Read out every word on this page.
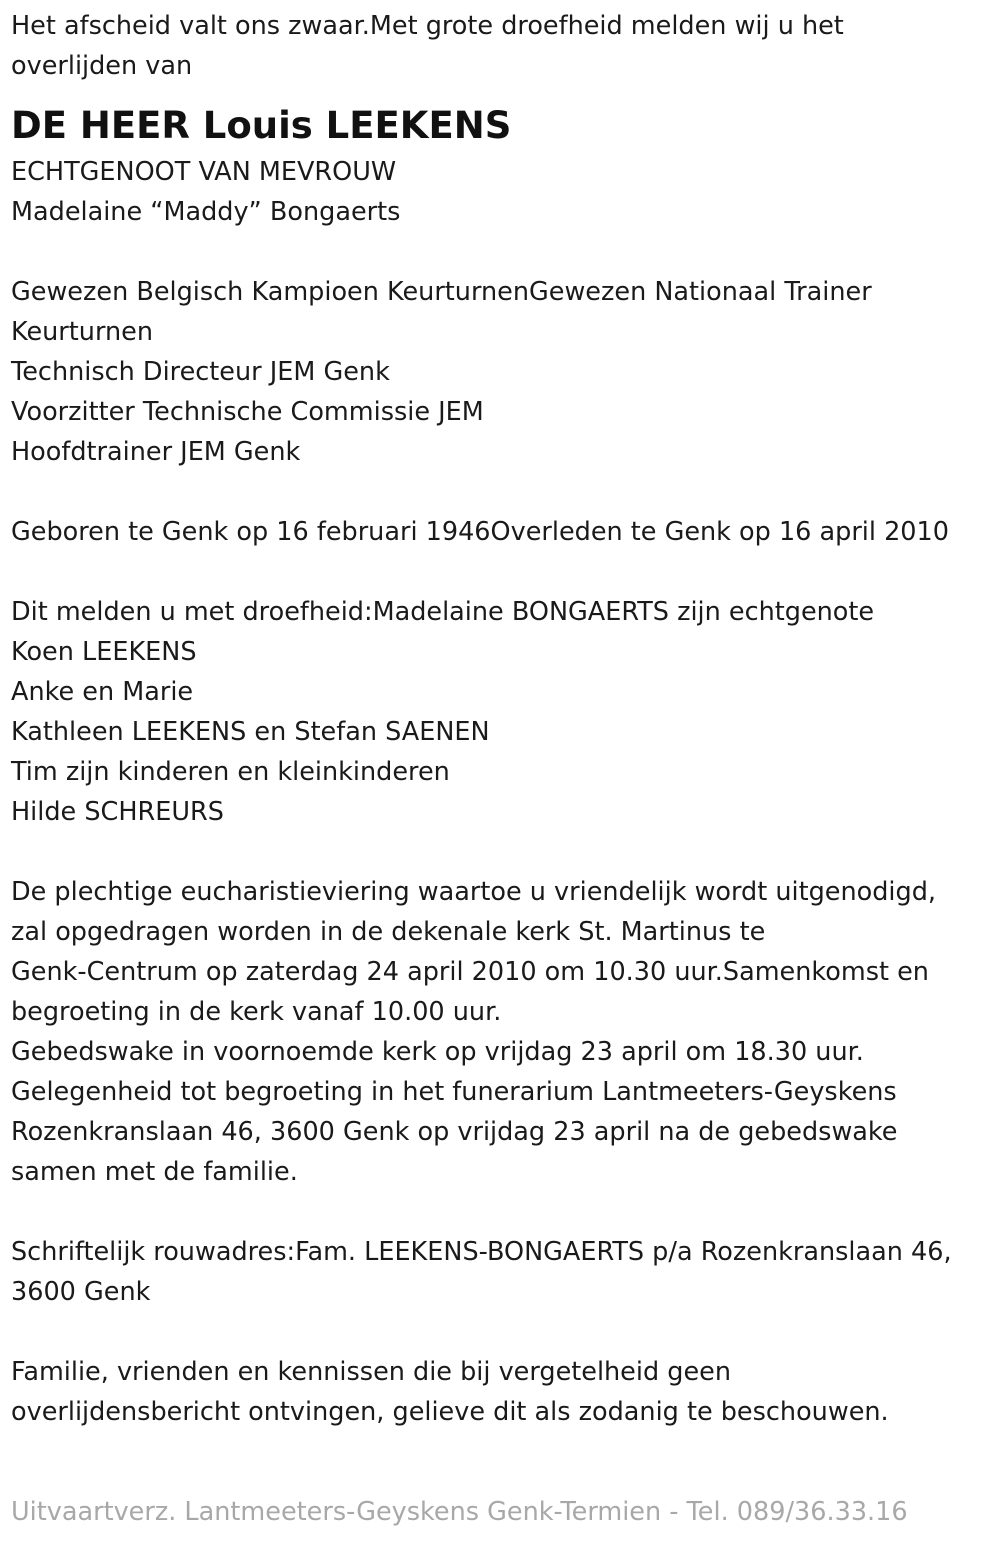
Het afscheid valt ons zwaar.Met grote droefheid melden wij u het
overlijden van
DE HEER Louis LEEKENS
ECHTGENOOT VAN MEVROUW
Madelaine “Maddy” Bongaerts
Gewezen Belgisch Kampioen KeurturnenGewezen Nationaal Trainer
Keurturnen
Technisch Directeur JEM Genk
Voorzitter Technische Commissie JEM
Hoofdtrainer JEM Genk
Geboren te Genk op 16 februari 1946Overleden te Genk op 16 april 2010
Dit melden u met droefheid:Madelaine BONGAERTS zijn echtgenote
Koen LEEKENS
Anke en Marie
Kathleen LEEKENS en Stefan SAENEN
Tim zijn kinderen en kleinkinderen
Hilde SCHREURS
De plechtige eucharistieviering waartoe u vriendelijk wordt uitgenodigd,
zal opgedragen worden in de dekenale kerk St. Martinus te
Genk-Centrum op zaterdag 24 april 2010 om 10.30 uur.Samenkomst en
begroeting in de kerk vanaf 10.00 uur.
Gebedswake in voornoemde kerk op vrijdag 23 april om 18.30 uur.
Gelegenheid tot begroeting in het funerarium Lantmeeters-Geyskens
Rozenkranslaan 46, 3600 Genk op vrijdag 23 april na de gebedswake
samen met de familie.
Schriftelijk rouwadres:Fam. LEEKENS-BONGAERTS p/a Rozenkranslaan 46,
3600 Genk
Familie, vrienden en kennissen die bij vergetelheid geen
overlijdensbericht ontvingen, gelieve dit als zodanig te beschouwen.
Uitvaartverz. Lantmeeters-Geyskens Genk-Termien - Tel. 089/36.33.16
